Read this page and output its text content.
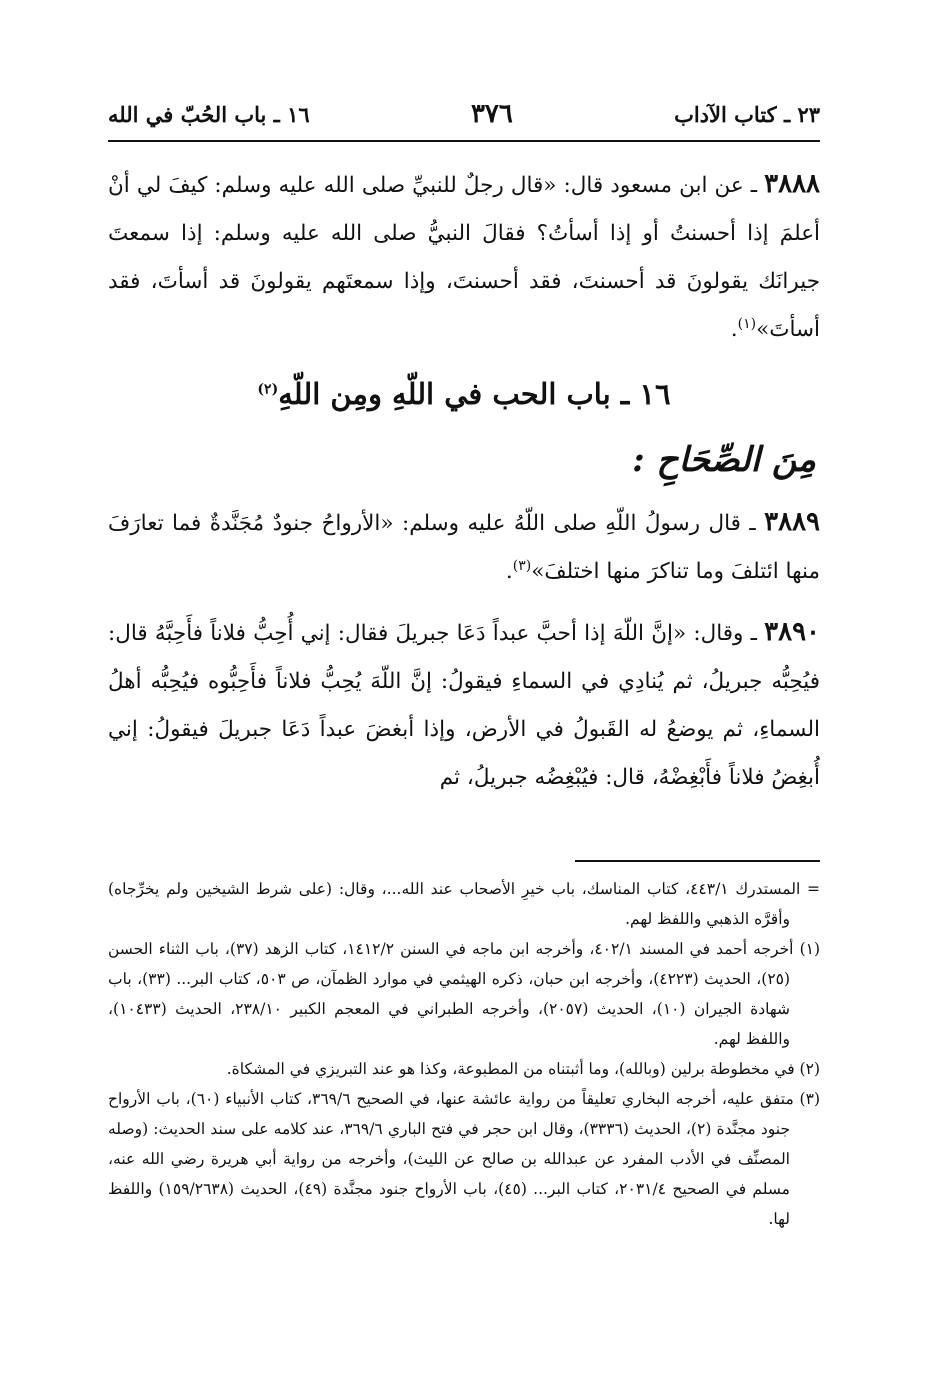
٢٣ ـ كتاب الآداب
٣٧٦
١٦ ـ باب الحُبّ في الله

٣٨٨٨ ـ عن ابن مسعود قال: «قال رجلٌ للنبيِّ صلى الله عليه وسلم: كيفَ لي أنْ أعلمَ إذا أحسنتُ أو إذا أسأتُ؟ فقالَ النبيُّ صلى الله عليه وسلم: إذا سمعتَ جيرانَك يقولونَ قد أحسنتَ، فقد أحسنتَ، وإذا سمعتَهم يقولونَ قد أسأتَ، فقد أسأتَ»$^{(١)}$.

١٦ ـ باب الحب في اللّهِ ومِن اللّهِ$^{(٢)}$
مِنَ الصِّحَاحِ :

٣٨٨٩ ـ قال رسولُ اللّهِ صلى اللّهُ عليه وسلم: «الأرواحُ جنودٌ مُجَنَّدةٌ فما تعارَفَ منها ائتلفَ وما تناكرَ منها اختلفَ»$^{(٣)}$.

٣٨٩٠ ـ وقال: «إنَّ اللّهَ إذا أحبَّ عبداً دَعَا جبريلَ فقال: إني أُحِبُّ فلاناً فأَحِبَّهُ قال: فيُحِبُّه جبريلُ، ثم يُنادِي في السماءِ فيقولُ: إنَّ اللّهَ يُحِبُّ فلاناً فأَحِبُّوه فيُحِبُّه أهلُ السماءِ، ثم يوضعُ له القَبولُ في الأرض، وإذا أبغضَ عبداً دَعَا جبريلَ فيقولُ: إني أُبغِضُ فلاناً فأَبْغِضْهُ، قال: فيُبْغِضُه جبريلُ، ثم

= المستدرك ٤٤٣/١، كتاب المناسك، باب خيرِ الأصحاب عند الله...، وقال: (على شرط الشيخين ولم يخرِّجاه) وأقرَّه الذهبي واللفظ لهم.

(١) أخرجه أحمد في المسند ٤٠٢/١، وأخرجه ابن ماجه في السنن ١٤١٢/٢، كتاب الزهد (٣٧)، باب الثناء الحسن (٢٥)، الحديث (٤٢٢٣)، وأخرجه ابن حبان، ذكره الهيثمي في موارد الظمآن، ص ٥٠٣، كتاب البر... (٣٣)، باب شهادة الجيران (١٠)، الحديث (٢٠٥٧)، وأخرجه الطبراني في المعجم الكبير ٢٣٨/١٠، الحديث (١٠٤٣٣)، واللفظ لهم.

(٢) في مخطوطة برلين (وبالله)، وما أثبتناه من المطبوعة، وكذا هو عند التبريزي في المشكاة.

(٣) متفق عليه، أخرجه البخاري تعليقاً من رواية عائشة عنها، في الصحيح ٣٦٩/٦، كتاب الأنبياء (٦٠)، باب الأرواح جنود مجنَّدة (٢)، الحديث (٣٣٣٦)، وقال ابن حجر في فتح الباري ٣٦٩/٦، عند كلامه على سند الحديث: (وصله المصنِّف في الأدب المفرد عن عبدالله بن صالح عن الليث)، وأخرجه من رواية أبي هريرة رضي الله عنه، مسلم في الصحيح ٢٠٣١/٤، كتاب البر... (٤٥)، باب الأرواح جنود مجنَّدة (٤٩)، الحديث (١٥٩/٢٦٣٨) واللفظ لها.
